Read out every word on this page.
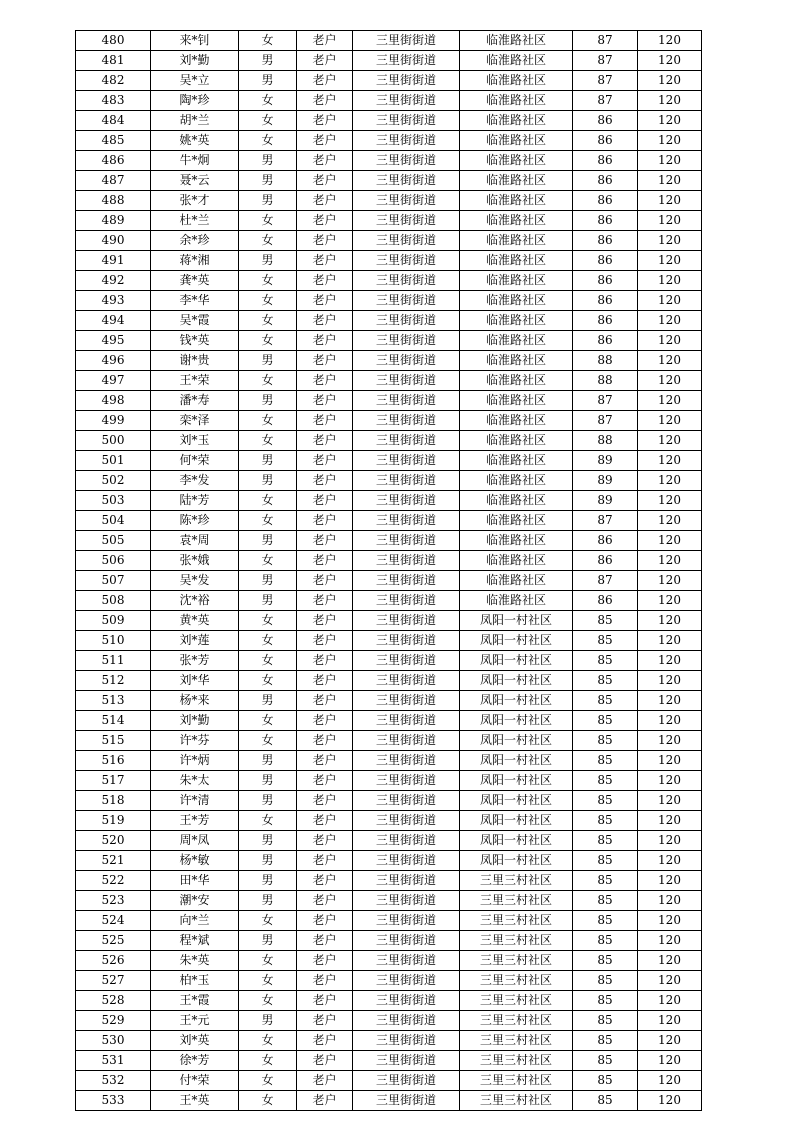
480	来*钊	女	老户	三里街街道	临淮路社区	87	120
481	刘*勤	男	老户	三里街街道	临淮路社区	87	120
482	吴*立	男	老户	三里街街道	临淮路社区	87	120
483	陶*珍	女	老户	三里街街道	临淮路社区	87	120
484	胡*兰	女	老户	三里街街道	临淮路社区	86	120
485	姚*英	女	老户	三里街街道	临淮路社区	86	120
486	牛*炯	男	老户	三里街街道	临淮路社区	86	120
487	聂*云	男	老户	三里街街道	临淮路社区	86	120
488	张*才	男	老户	三里街街道	临淮路社区	86	120
489	杜*兰	女	老户	三里街街道	临淮路社区	86	120
490	余*珍	女	老户	三里街街道	临淮路社区	86	120
491	蒋*湘	男	老户	三里街街道	临淮路社区	86	120
492	龚*英	女	老户	三里街街道	临淮路社区	86	120
493	李*华	女	老户	三里街街道	临淮路社区	86	120
494	吴*霞	女	老户	三里街街道	临淮路社区	86	120
495	钱*英	女	老户	三里街街道	临淮路社区	86	120
496	谢*贵	男	老户	三里街街道	临淮路社区	88	120
497	王*荣	女	老户	三里街街道	临淮路社区	88	120
498	潘*寿	男	老户	三里街街道	临淮路社区	87	120
499	栾*泽	女	老户	三里街街道	临淮路社区	87	120
500	刘*玉	女	老户	三里街街道	临淮路社区	88	120
501	何*荣	男	老户	三里街街道	临淮路社区	89	120
502	李*发	男	老户	三里街街道	临淮路社区	89	120
503	陆*芳	女	老户	三里街街道	临淮路社区	89	120
504	陈*珍	女	老户	三里街街道	临淮路社区	87	120
505	袁*周	男	老户	三里街街道	临淮路社区	86	120
506	张*娥	女	老户	三里街街道	临淮路社区	86	120
507	吴*发	男	老户	三里街街道	临淮路社区	87	120
508	沈*裕	男	老户	三里街街道	临淮路社区	86	120
509	黄*英	女	老户	三里街街道	凤阳一村社区	85	120
510	刘*莲	女	老户	三里街街道	凤阳一村社区	85	120
511	张*芳	女	老户	三里街街道	凤阳一村社区	85	120
512	刘*华	女	老户	三里街街道	凤阳一村社区	85	120
513	杨*来	男	老户	三里街街道	凤阳一村社区	85	120
514	刘*勤	女	老户	三里街街道	凤阳一村社区	85	120
515	许*芬	女	老户	三里街街道	凤阳一村社区	85	120
516	许*炳	男	老户	三里街街道	凤阳一村社区	85	120
517	朱*太	男	老户	三里街街道	凤阳一村社区	85	120
518	许*清	男	老户	三里街街道	凤阳一村社区	85	120
519	王*芳	女	老户	三里街街道	凤阳一村社区	85	120
520	周*凤	男	老户	三里街街道	凤阳一村社区	85	120
521	杨*敏	男	老户	三里街街道	凤阳一村社区	85	120
522	田*华	男	老户	三里街街道	三里三村社区	85	120
523	潮*安	男	老户	三里街街道	三里三村社区	85	120
524	向*兰	女	老户	三里街街道	三里三村社区	85	120
525	程*斌	男	老户	三里街街道	三里三村社区	85	120
526	朱*英	女	老户	三里街街道	三里三村社区	85	120
527	柏*玉	女	老户	三里街街道	三里三村社区	85	120
528	王*霞	女	老户	三里街街道	三里三村社区	85	120
529	王*元	男	老户	三里街街道	三里三村社区	85	120
530	刘*英	女	老户	三里街街道	三里三村社区	85	120
531	徐*芳	女	老户	三里街街道	三里三村社区	85	120
532	付*荣	女	老户	三里街街道	三里三村社区	85	120
533	王*英	女	老户	三里街街道	三里三村社区	85	120
